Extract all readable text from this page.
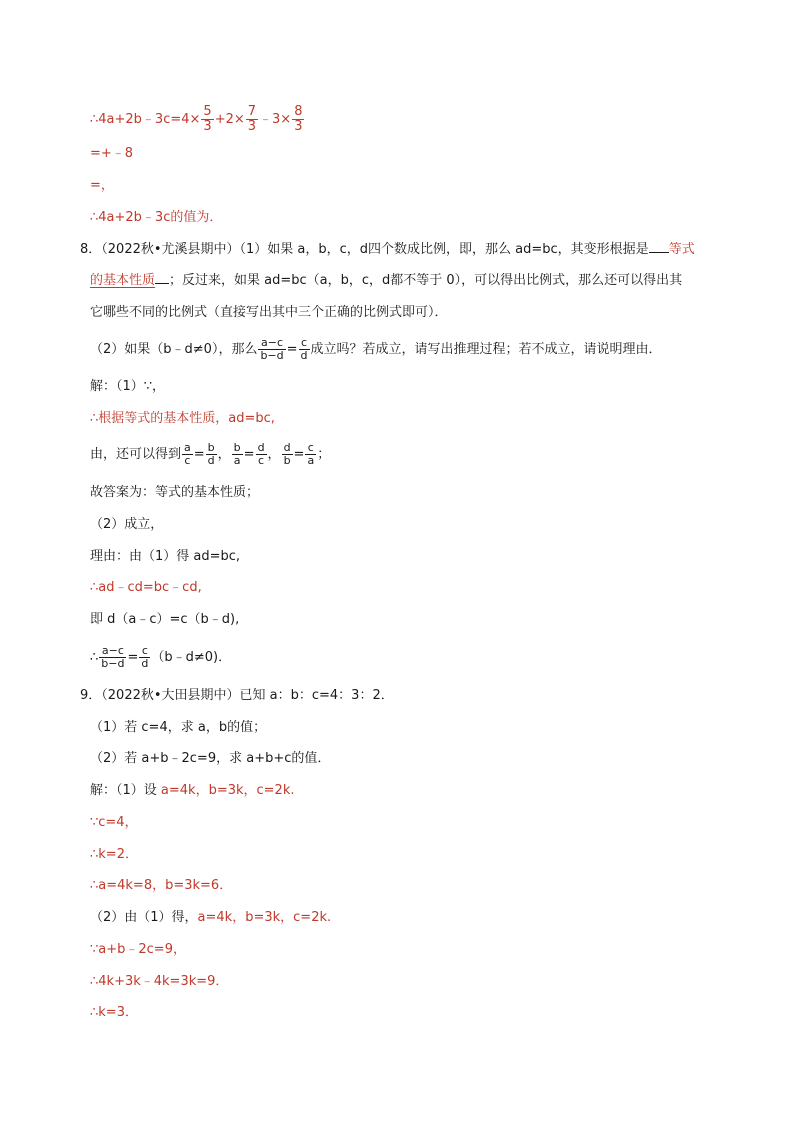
∴4a+2b﹣3c=4× $\frac{5}{3} +2\times \frac{7}{3}$ ﹣3× $\frac{8}{3}$
=+﹣8
=，
∴4a+2b﹣3c的值为．
8．（2022秋•尤溪县期中）（1）如果 a，b，c，d四个数成比例，即，那么 ad=bc，其变形根据是 等式
的基本性质 ；反过来，如果 ad=bc（a，b，c，d都不等于 0），可以得出比例式，那么还可以得出其
它哪些不同的比例式（直接写出其中三个正确的比例式即可）．
（2）如果（b﹣d≠0），那么 $\frac{a-c}{b-d} = \frac{c}{d}$ 成立吗？若成立，请写出推理过程；若不成立，请说明理由．
解：（1）∵，
∴根据等式的基本性质，ad=bc,
由，还可以得到 $\frac{a}{c} = \frac{b}{d}$ ， $\frac{b}{a} = \frac{d}{c}$ ， $\frac{d}{b} = \frac{c}{a}$ ；
故答案为：等式的基本性质；
（2）成立，
理由：由（1）得 ad=bc,
∴ad﹣cd=bc﹣cd,
即 d（a﹣c）=c（b﹣d),
∴ $\frac{a-c}{b-d} = \frac{c}{d}$ （b﹣d≠0)．
9．（2022秋•大田县期中）已知 a：b：c=4：3：2．
（1）若 c=4，求 a，b的值；
（2）若 a+b﹣2c=9，求 a+b+c的值．
解：（1）设 a=4k，b=3k，c=2k.
∵c=4，
∴k=2．
∴a=4k=8，b=3k=6．
（2）由（1）得，a=4k，b=3k，c=2k.
∵a+b﹣2c=9，
∴4k+3k﹣4k=3k=9．
∴k=3．
